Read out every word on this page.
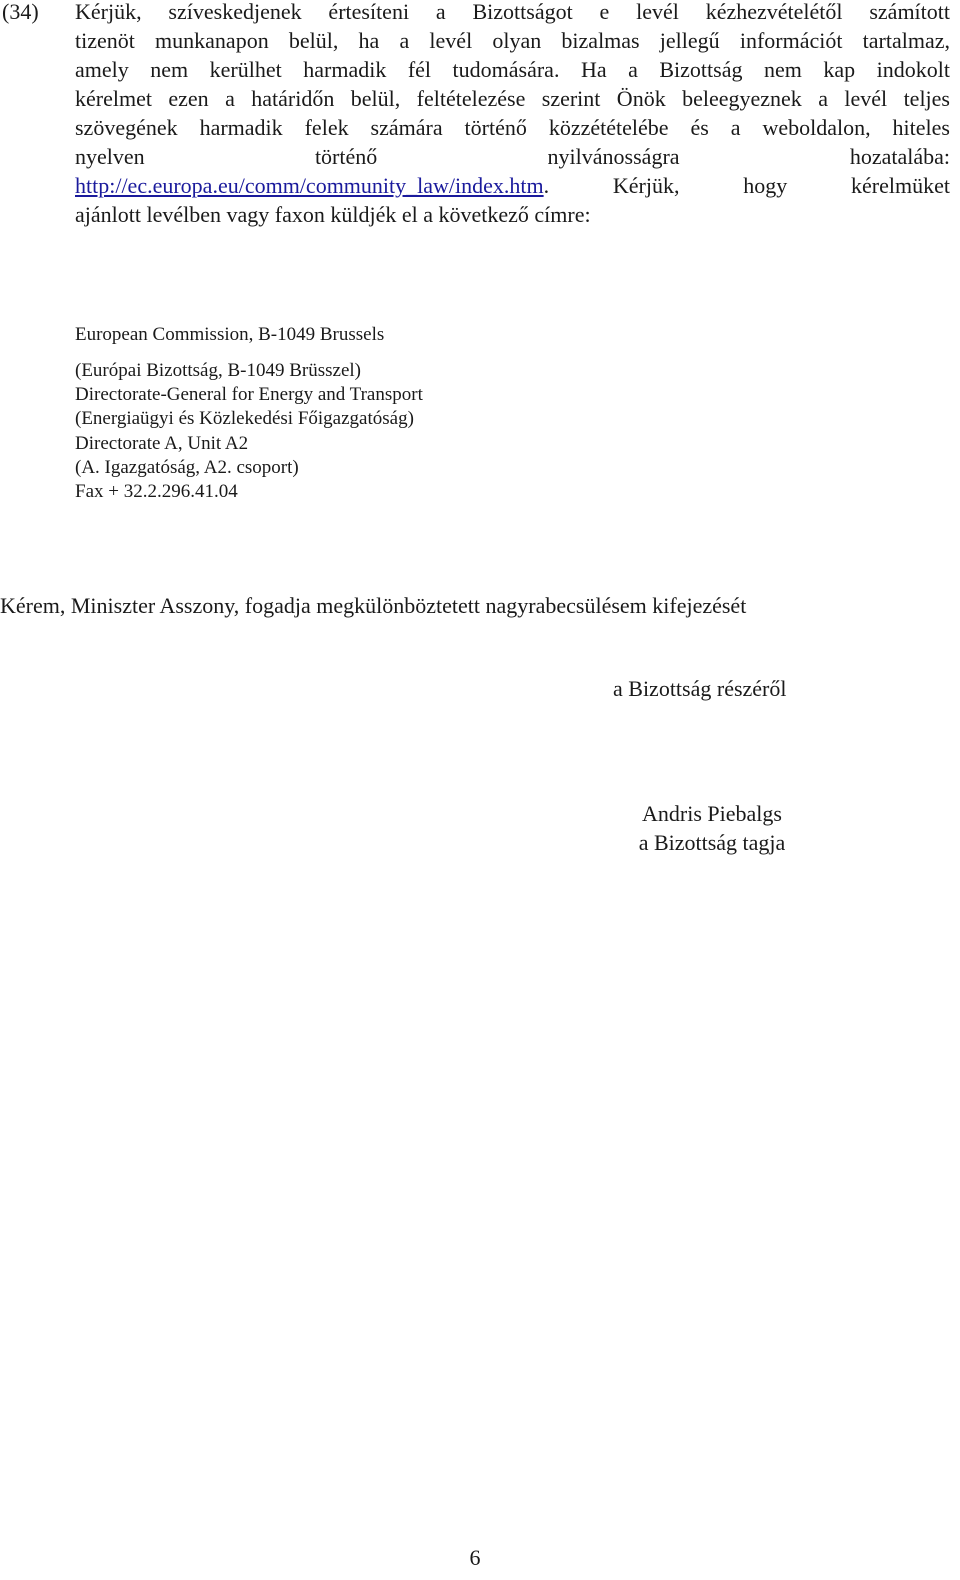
(34) Kérjük, szíveskedjenek értesíteni a Bizottságot e levél kézhezvételétől számított
tizenöt munkanapon belül, ha a levél olyan bizalmas jellegű információt tartalmaz,
amely nem kerülhet harmadik fél tudomására. Ha a Bizottság nem kap indokolt
kérelmet ezen a határidőn belül, feltételezése szerint Önök beleegyeznek a levél teljes
szövegének harmadik felek számára történő közzétételébe és a weboldalon, hiteles
nyelven történő nyilvánosságra hozatalába:
http://ec.europa.eu/comm/community_law/index.htm. Kérjük, hogy kérelmüket
ajánlott levélben vagy faxon küldjék el a következő címre:
European Commission, B-1049 Brussels
(Európai Bizottság, B-1049 Brüsszel)
Directorate-General for Energy and Transport
(Energiaügyi és Közlekedési Főigazgatóság)
Directorate A, Unit A2
(A. Igazgatóság, A2. csoport)
Fax + 32.2.296.41.04
Kérem, Miniszter Asszony, fogadja megkülönböztetett nagyrabecsülésem kifejezését
a Bizottság részéről
Andris Piebalgs
a Bizottság tagja
6
